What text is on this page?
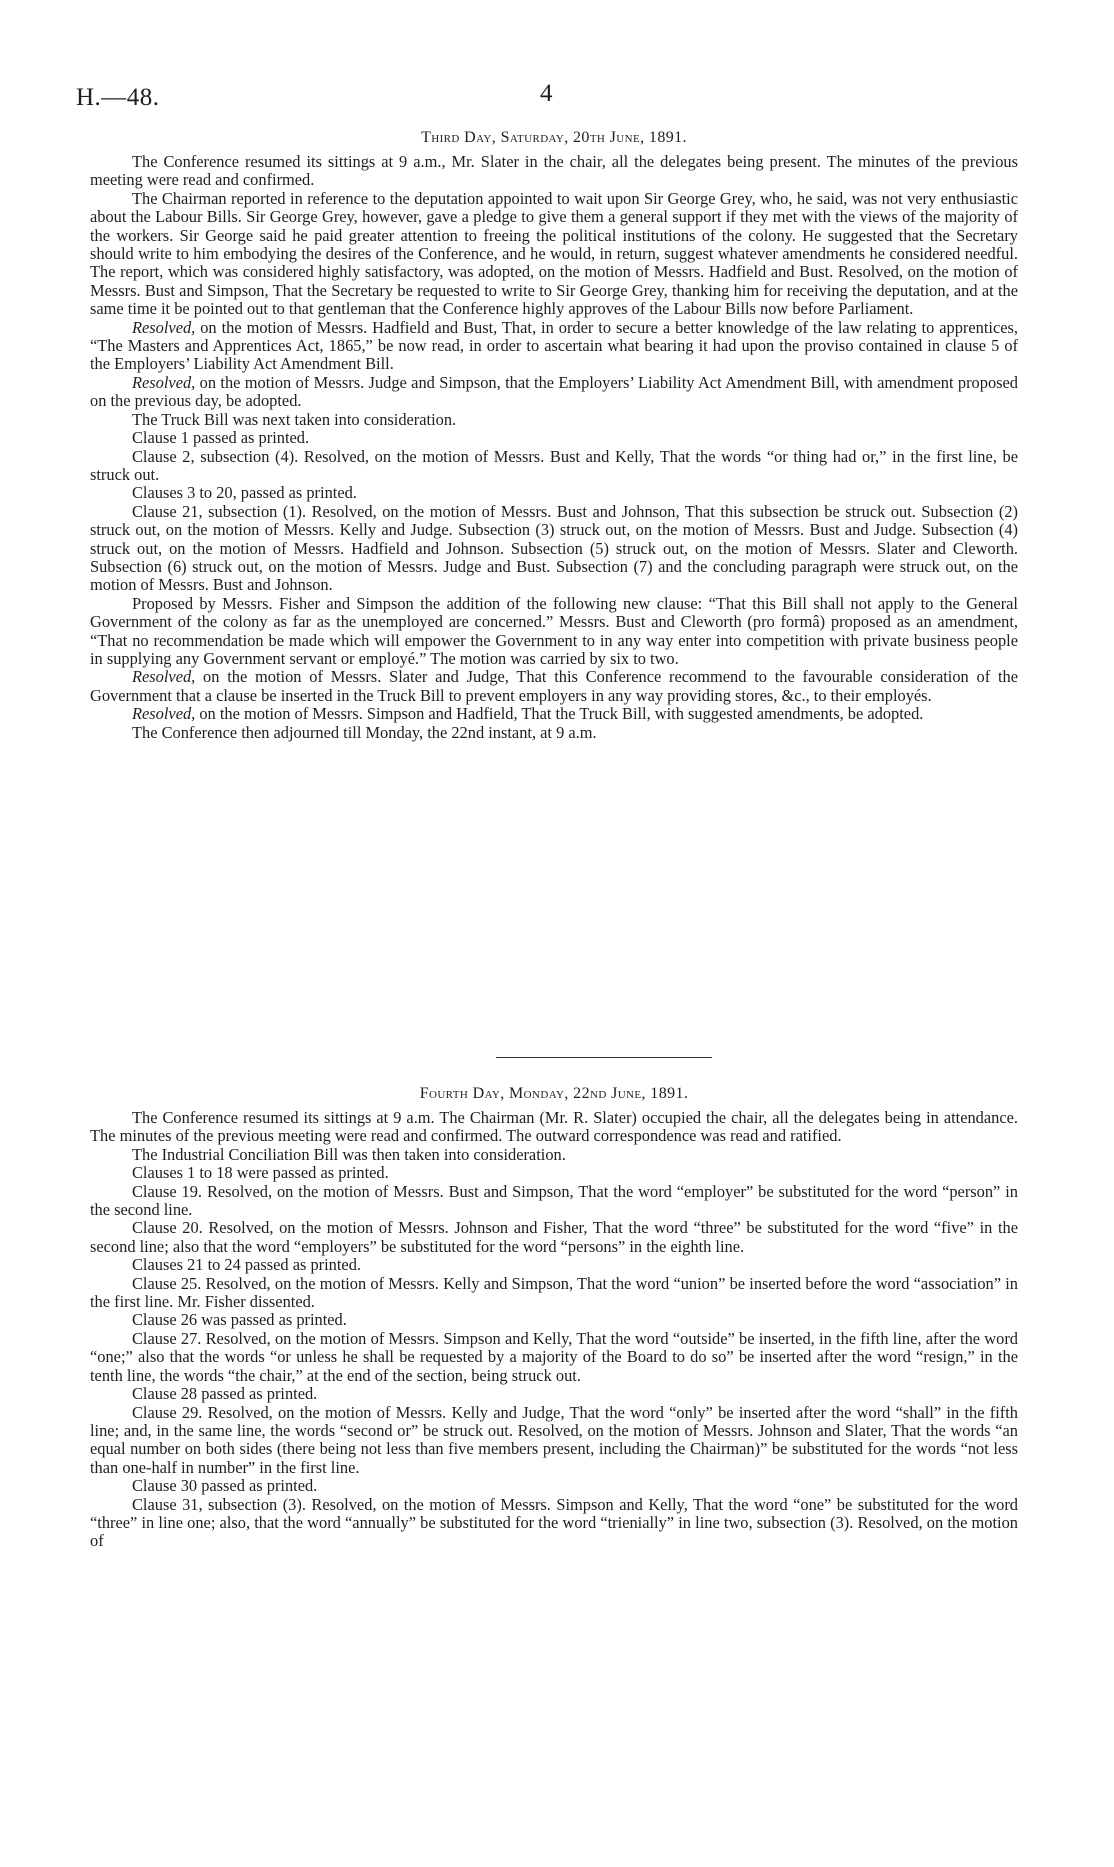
H.—48.	4
Third Day, Saturday, 20th June, 1891.

The Conference resumed its sittings at 9 a.m., Mr. Slater in the chair, all the delegates being present. The minutes of the previous meeting were read and confirmed.

The Chairman reported in reference to the deputation appointed to wait upon Sir George Grey, who, he said, was not very enthusiastic about the Labour Bills. Sir George Grey, however, gave a pledge to give them a general support if they met with the views of the majority of the workers. Sir George said he paid greater attention to freeing the political institutions of the colony. He suggested that the Secretary should write to him embodying the desires of the Conference, and he would, in return, suggest whatever amendments he considered needful. The report, which was considered highly satisfactory, was adopted, on the motion of Messrs. Hadfield and Bust. Resolved, on the motion of Messrs. Bust and Simpson, That the Secretary be requested to write to Sir George Grey, thanking him for receiving the deputation, and at the same time it be pointed out to that gentleman that the Conference highly approves of the Labour Bills now before Parliament.

Resolved, on the motion of Messrs. Hadfield and Bust, That, in order to secure a better knowledge of the law relating to apprentices, “The Masters and Apprentices Act, 1865,” be now read, in order to ascertain what bearing it had upon the proviso contained in clause 5 of the Employers’ Liability Act Amendment Bill.

Resolved, on the motion of Messrs. Judge and Simpson, that the Employers’ Liability Act Amendment Bill, with amendment proposed on the previous day, be adopted.

The Truck Bill was next taken into consideration.

Clause 1 passed as printed.

Clause 2, subsection (4). Resolved, on the motion of Messrs. Bust and Kelly, That the words “or thing had or,” in the first line, be struck out.

Clauses 3 to 20, passed as printed.

Clause 21, subsection (1). Resolved, on the motion of Messrs. Bust and Johnson, That this subsection be struck out. Subsection (2) struck out, on the motion of Messrs. Kelly and Judge. Subsection (3) struck out, on the motion of Messrs. Bust and Judge. Subsection (4) struck out, on the motion of Messrs. Hadfield and Johnson. Subsection (5) struck out, on the motion of Messrs. Slater and Cleworth. Subsection (6) struck out, on the motion of Messrs. Judge and Bust. Subsection (7) and the concluding paragraph were struck out, on the motion of Messrs. Bust and Johnson.

Proposed by Messrs. Fisher and Simpson the addition of the following new clause: “That this Bill shall not apply to the General Government of the colony as far as the unemployed are concerned.” Messrs. Bust and Cleworth (pro formâ) proposed as an amendment, “That no recommendation be made which will empower the Government to in any way enter into competition with private business people in supplying any Government servant or employé.” The motion was carried by six to two.

Resolved, on the motion of Messrs. Slater and Judge, That this Conference recommend to the favourable consideration of the Government that a clause be inserted in the Truck Bill to prevent employers in any way providing stores, &c., to their employés.

Resolved, on the motion of Messrs. Simpson and Hadfield, That the Truck Bill, with suggested amendments, be adopted.

The Conference then adjourned till Monday, the 22nd instant, at 9 a.m.

Fourth Day, Monday, 22nd June, 1891.

The Conference resumed its sittings at 9 a.m. The Chairman (Mr. R. Slater) occupied the chair, all the delegates being in attendance. The minutes of the previous meeting were read and confirmed. The outward correspondence was read and ratified.

The Industrial Conciliation Bill was then taken into consideration.

Clauses 1 to 18 were passed as printed.

Clause 19. Resolved, on the motion of Messrs. Bust and Simpson, That the word “employer” be substituted for the word “person” in the second line.

Clause 20. Resolved, on the motion of Messrs. Johnson and Fisher, That the word “three” be substituted for the word “five” in the second line; also that the word “employers” be substituted for the word “persons” in the eighth line.

Clauses 21 to 24 passed as printed.

Clause 25. Resolved, on the motion of Messrs. Kelly and Simpson, That the word “union” be inserted before the word “association” in the first line. Mr. Fisher dissented.

Clause 26 was passed as printed.

Clause 27. Resolved, on the motion of Messrs. Simpson and Kelly, That the word “outside” be inserted, in the fifth line, after the word “one;” also that the words “or unless he shall be requested by a majority of the Board to do so” be inserted after the word “resign,” in the tenth line, the words “the chair,” at the end of the section, being struck out.

Clause 28 passed as printed.

Clause 29. Resolved, on the motion of Messrs. Kelly and Judge, That the word “only” be inserted after the word “shall” in the fifth line; and, in the same line, the words “second or” be struck out. Resolved, on the motion of Messrs. Johnson and Slater, That the words “an equal number on both sides (there being not less than five members present, including the Chairman)” be substituted for the words “not less than one-half in number” in the first line.

Clause 30 passed as printed.

Clause 31, subsection (3). Resolved, on the motion of Messrs. Simpson and Kelly, That the word “one” be substituted for the word “three” in line one; also, that the word “annually” be substituted for the word “trienially” in line two, subsection (3). Resolved, on the motion of
